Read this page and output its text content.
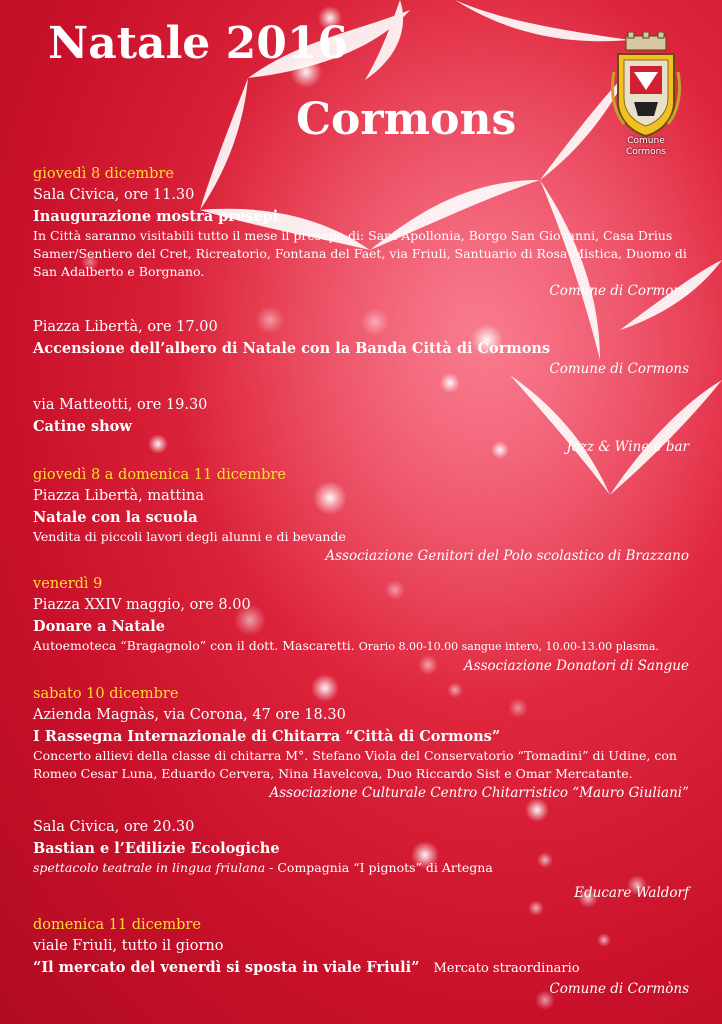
Natale 2016
Cormons	Comune
Cormons
giovedì 8 dicembre
Sala Civica, ore 11.30
Inaugurazione mostra presepi
In Città saranno visitabili tutto il mese il presepe di: Sant’Apollonia, Borgo San Giovanni, Casa Drius Samer/Sentiero del Cret, Ricreatorio, Fontana del Faet, via Friuli, Santuario di Rosa Mistica, Duomo di San Adalberto e Borgnano.
Comune di Cormons
Piazza Libertà, ore 17.00
Accensione dell’albero di Natale con la Banda Città di Cormons
Comune di Cormons
via Matteotti, ore 19.30
Catine show
Jazz & Wine e bar
giovedì 8 a domenica 11 dicembre
Piazza Libertà, mattina
Natale con la scuola
Vendita di piccoli lavori degli alunni e di bevande
Associazione Genitori del Polo scolastico di Brazzano
venerdì 9
Piazza XXIV maggio, ore 8.00
Donare a Natale
Autoemoteca “Bragagnolo” con il dott. Mascaretti. Orario 8.00-10.00 sangue intero, 10.00-13.00 plasma.
Associazione Donatori di Sangue
sabato 10 dicembre
Azienda Magnàs, via Corona, 47 ore 18.30
I Rassegna Internazionale di Chitarra “Città di Cormons”
Concerto allievi della classe di chitarra M°. Stefano Viola del Conservatorio “Tomadini” di Udine, con Romeo Cesar Luna, Eduardo Cervera, Nina Havelcova, Duo Riccardo Sist e Omar Mercatante.
Associazione Culturale Centro Chitarristico “Mauro Giuliani”
Sala Civica, ore 20.30
Bastian e l’Edilizie Ecologiche
spettacolo teatrale in lingua friulana - Compagnia “I pignots” di Artegna
Educare Waldorf
domenica 11 dicembre
viale Friuli, tutto il giorno
“Il mercato del venerdì si sposta in viale Friuli” Mercato straordinario
Comune di Cormòns
